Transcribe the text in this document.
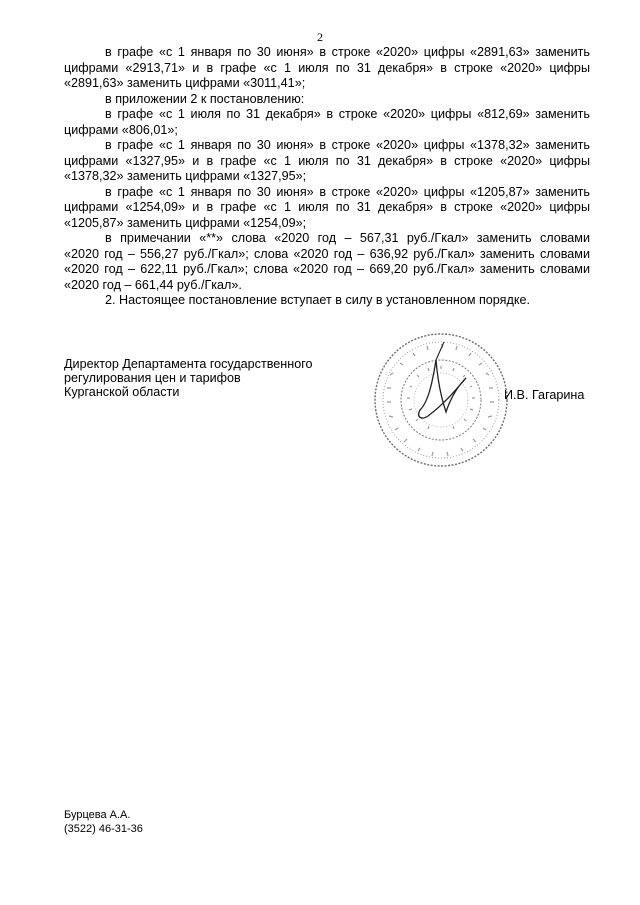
2

в графе «с 1 января по 30 июня» в строке «2020» цифры «2891,63» заменить

цифрами «2913,71» и в графе «с 1 июля по 31 декабря» в строке «2020» цифры

«2891,63» заменить цифрами «3011,41»;

в приложении 2 к постановлению:

в графе «с 1 июля по 31 декабря» в строке «2020» цифры «812,69» заменить

цифрами «806,01»;

в графе «с 1 января по 30 июня» в строке «2020» цифры «1378,32» заменить

цифрами «1327,95» и в графе «с 1 июля по 31 декабря» в строке «2020» цифры

«1378,32» заменить цифрами «1327,95»;

в графе «с 1 января по 30 июня» в строке «2020» цифры «1205,87» заменить

цифрами «1254,09» и в графе «с 1 июля по 31 декабря» в строке «2020» цифры

«1205,87» заменить цифрами «1254,09»;

в примечании «**» слова «2020 год – 567,31 руб./Гкал» заменить словами

«2020 год – 556,27 руб./Гкал»; слова «2020 год – 636,92 руб./Гкал» заменить словами

«2020 год – 622,11 руб./Гкал»; слова «2020 год – 669,20 руб./Гкал» заменить словами

«2020 год – 661,44 руб./Гкал».

2. Настоящее постановление вступает в силу в установленном порядке.

Директор Департамента государственного
регулирования цен и тарифов
Курганской области	И.В. Гагарина
Бурцева А.А.
(3522) 46-31-36
